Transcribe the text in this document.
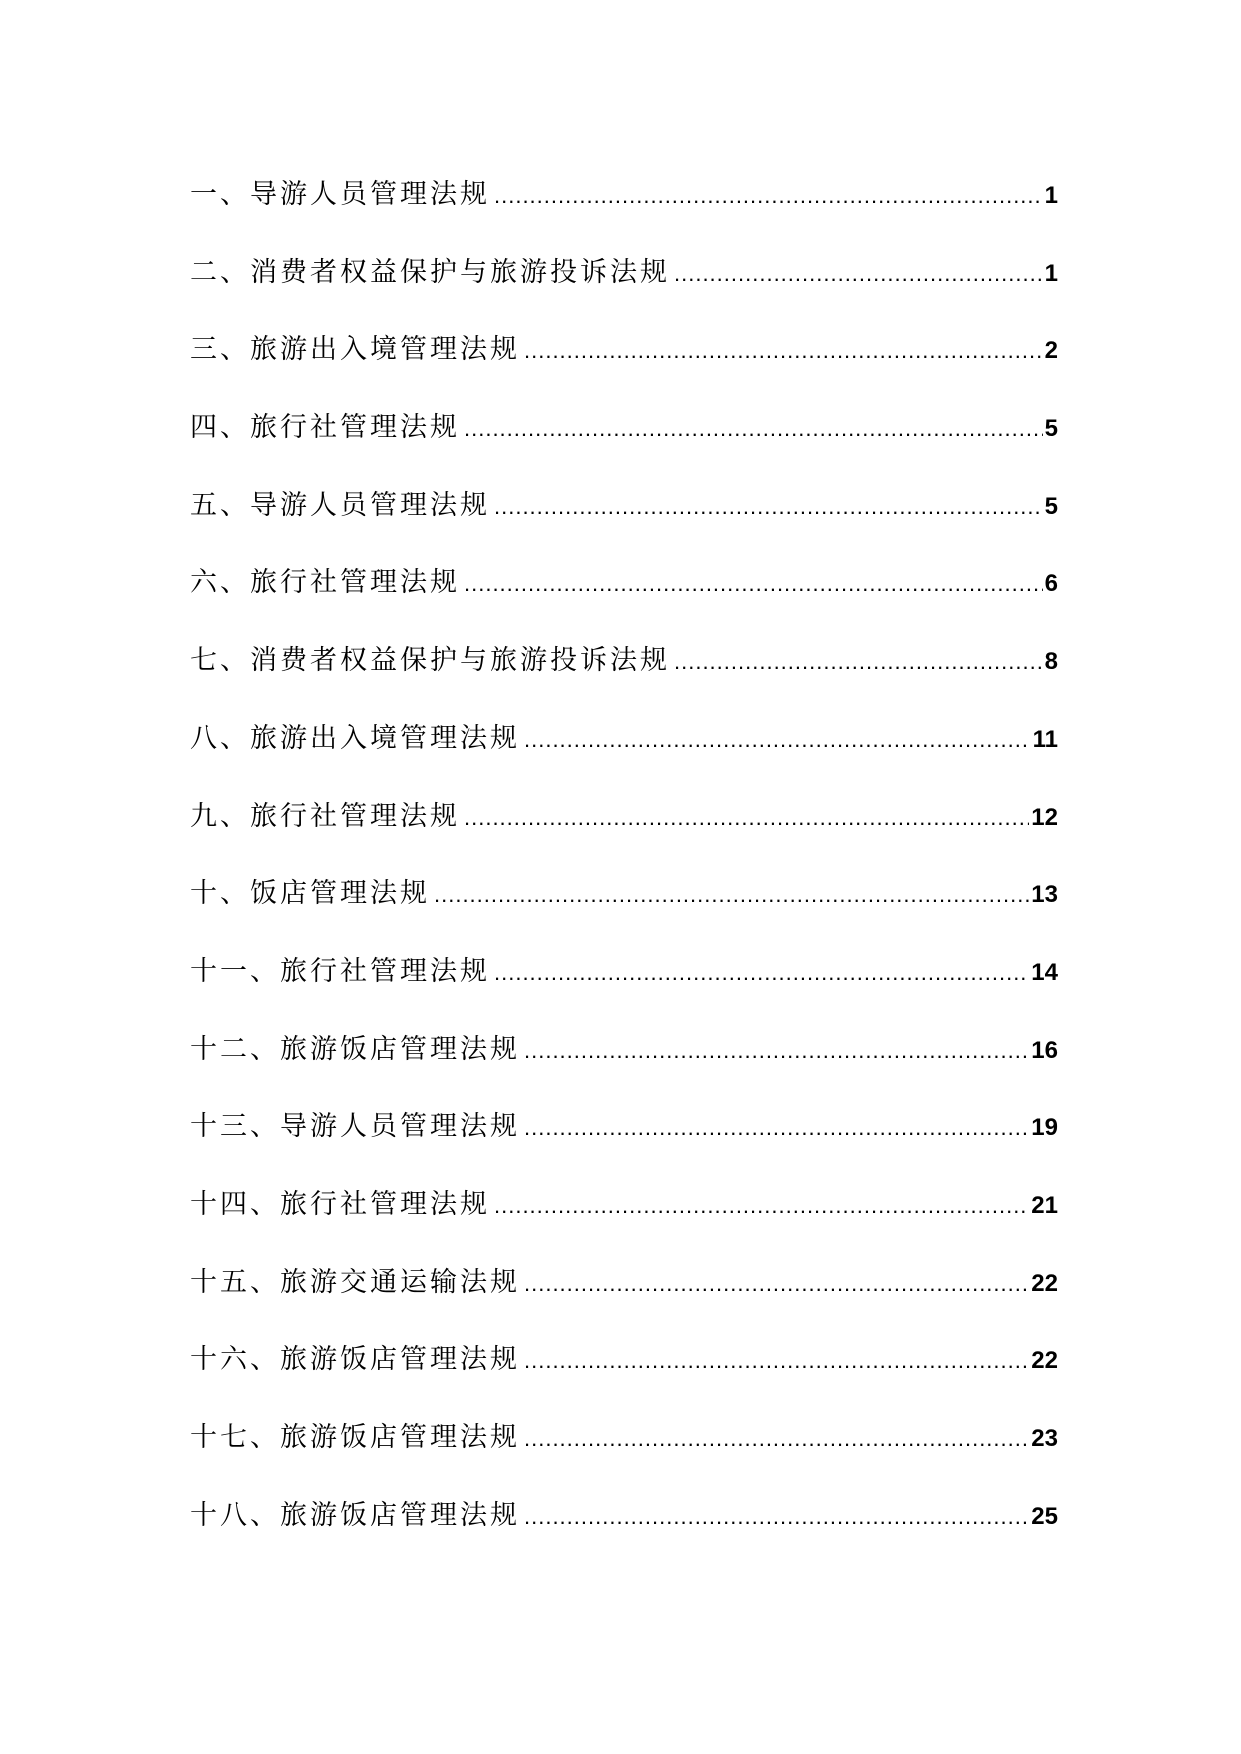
一、导游人员管理法规 .....	1
二、消费者权益保护与旅游投诉法规 .....	1
三、旅游出入境管理法规 .....	2
四、旅行社管理法规 .....	5
五、导游人员管理法规 .....	5
六、旅行社管理法规 .....	6
七、消费者权益保护与旅游投诉法规 .....	8
八、旅游出入境管理法规 .....	11
九、旅行社管理法规 .....	12
十、饭店管理法规 .....	13
十一、旅行社管理法规 .....	14
十二、旅游饭店管理法规 .....	16
十三、导游人员管理法规 .....	19
十四、旅行社管理法规 .....	21
十五、旅游交通运输法规 .....	22
十六、旅游饭店管理法规 .....	22
十七、旅游饭店管理法规 .....	23
十八、旅游饭店管理法规 .....	25
